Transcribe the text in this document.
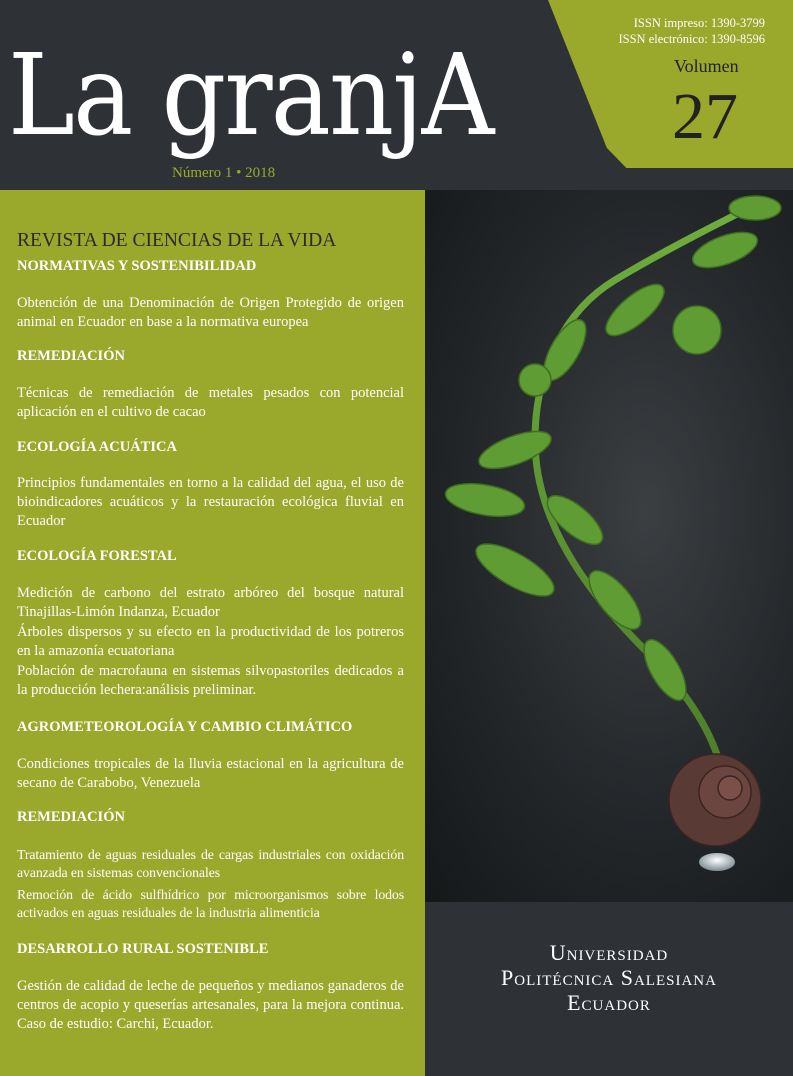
ISSN impreso: 1390-3799
ISSN electrónico: 1390-8596
Volumen
27
La granjA
Número 1 • 2018
REVISTA DE CIENCIAS DE LA VIDA
NORMATIVAS Y SOSTENIBILIDAD
Obtención de una Denominación de Origen Protegido de origen animal en Ecuador en base a la normativa europea
REMEDIACIÓN
Técnicas de remediación de metales pesados con potencial aplicación en el cultivo de cacao
ECOLOGÍA ACUÁTICA
Principios fundamentales en torno a la calidad del agua, el uso de bioindicadores acuáticos y la restauración ecológica fluvial en Ecuador
ECOLOGÍA FORESTAL
Medición de carbono del estrato arbóreo del bosque natural Tinajillas-Limón Indanza, Ecuador
Árboles dispersos y su efecto en la productividad de los potreros en la amazonía ecuatoriana
Población de macrofauna en sistemas silvopastoriles dedicados a la producción lechera:análisis preliminar.
AGROMETEOROLOGÍA Y CAMBIO CLIMÁTICO
Condiciones tropicales de la lluvia estacional en la agricultura de secano de Carabobo, Venezuela
REMEDIACIÓN
Tratamiento de aguas residuales de cargas industriales con oxidación avanzada en sistemas convencionales
Remoción de ácido sulfhídrico por microorganismos sobre lodos activados en aguas residuales de la industria alimenticia
DESARROLLO RURAL SOSTENIBLE
Gestión de calidad de leche de pequeños y medianos ganaderos de centros de acopio y queserías artesanales, para la mejora continua. Caso de estudio: Carchi, Ecuador.
Universidad
Politécnica Salesiana
Ecuador
